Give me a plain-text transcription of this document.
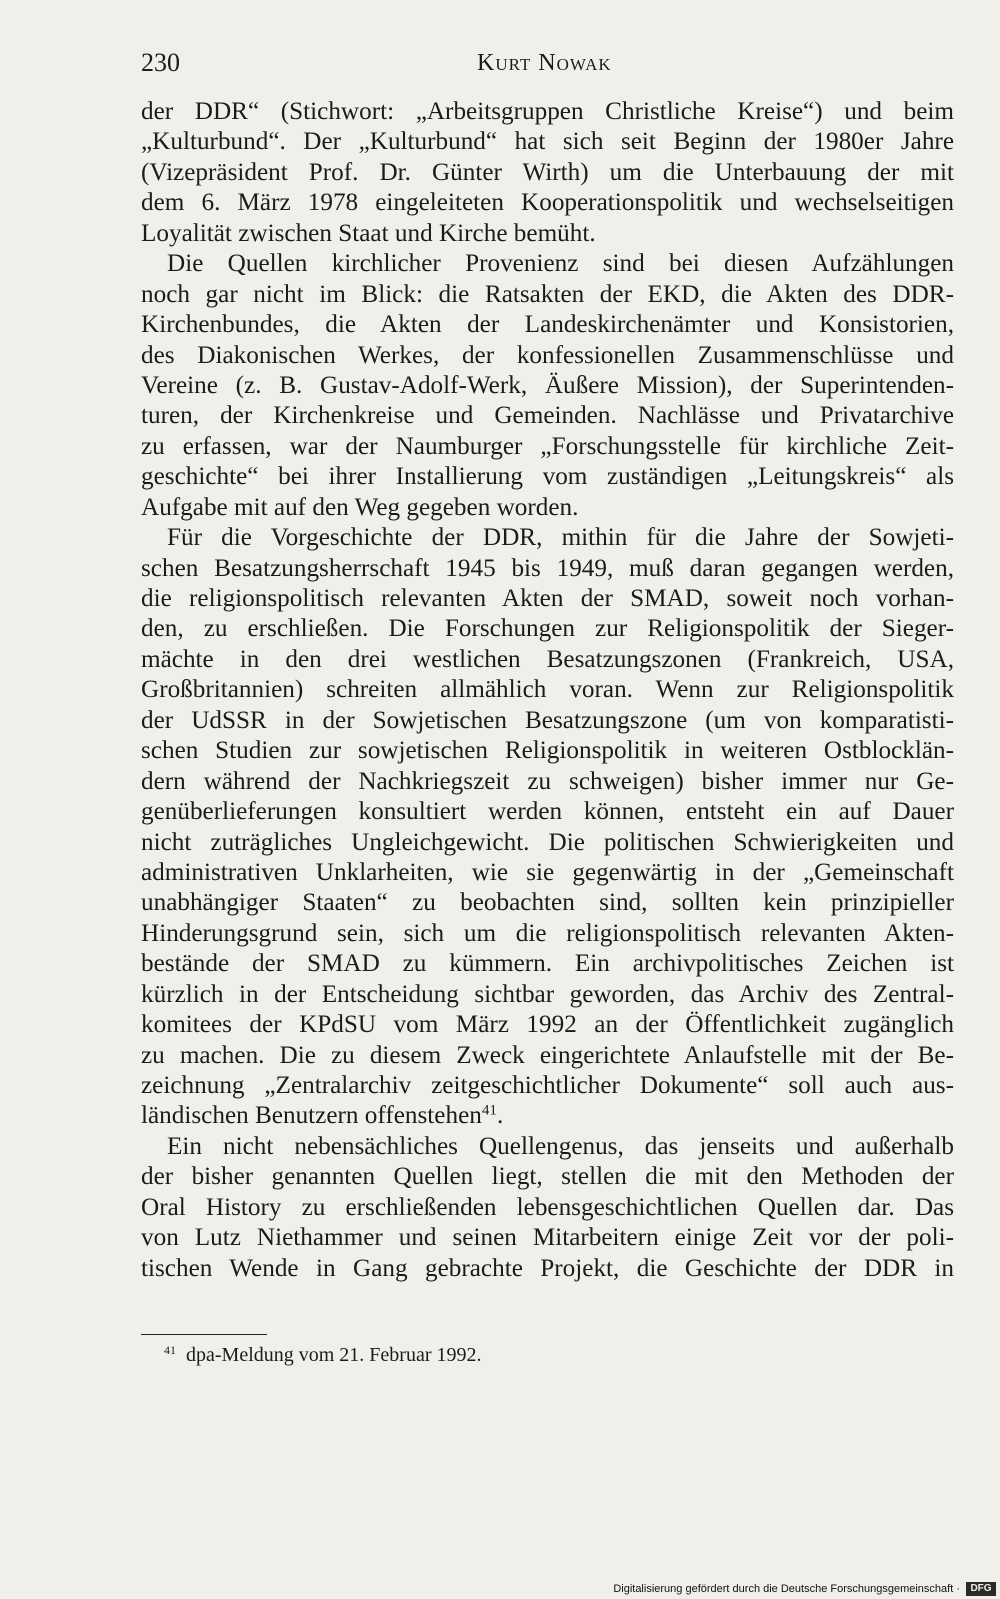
230	Kurt Nowak
der DDR“ (Stichwort: „Arbeitsgruppen Christliche Kreise“) und beim
„Kulturbund“. Der „Kulturbund“ hat sich seit Beginn der 1980er Jahre
(Vizepräsident Prof. Dr. Günter Wirth) um die Unterbauung der mit
dem 6. März 1978 eingeleiteten Kooperationspolitik und wechselseitigen
Loyalität zwischen Staat und Kirche bemüht.
Die Quellen kirchlicher Provenienz sind bei diesen Aufzählungen
noch gar nicht im Blick: die Ratsakten der EKD, die Akten des DDR-
Kirchenbundes, die Akten der Landeskirchenämter und Konsistorien,
des Diakonischen Werkes, der konfessionellen Zusammenschlüsse und
Vereine (z. B. Gustav-Adolf-Werk, Äußere Mission), der Superintenden-
turen, der Kirchenkreise und Gemeinden. Nachlässe und Privatarchive
zu erfassen, war der Naumburger „Forschungsstelle für kirchliche Zeit-
geschichte“ bei ihrer Installierung vom zuständigen „Leitungskreis“ als
Aufgabe mit auf den Weg gegeben worden.
Für die Vorgeschichte der DDR, mithin für die Jahre der Sowjeti-
schen Besatzungsherrschaft 1945 bis 1949, muß daran gegangen werden,
die religionspolitisch relevanten Akten der SMAD, soweit noch vorhan-
den, zu erschließen. Die Forschungen zur Religionspolitik der Sieger-
mächte in den drei westlichen Besatzungszonen (Frankreich, USA,
Großbritannien) schreiten allmählich voran. Wenn zur Religionspolitik
der UdSSR in der Sowjetischen Besatzungszone (um von komparatisti-
schen Studien zur sowjetischen Religionspolitik in weiteren Ostblocklän-
dern während der Nachkriegszeit zu schweigen) bisher immer nur Ge-
genüberlieferungen konsultiert werden können, entsteht ein auf Dauer
nicht zuträgliches Ungleichgewicht. Die politischen Schwierigkeiten und
administrativen Unklarheiten, wie sie gegenwärtig in der „Gemeinschaft
unabhängiger Staaten“ zu beobachten sind, sollten kein prinzipieller
Hinderungsgrund sein, sich um die religionspolitisch relevanten Akten-
bestände der SMAD zu kümmern. Ein archivpolitisches Zeichen ist
kürzlich in der Entscheidung sichtbar geworden, das Archiv des Zentral-
komitees der KPdSU vom März 1992 an der Öffentlichkeit zugänglich
zu machen. Die zu diesem Zweck eingerichtete Anlaufstelle mit der Be-
zeichnung „Zentralarchiv zeitgeschichtlicher Dokumente“ soll auch aus-
ländischen Benutzern offenstehen$^{41}$.
Ein nicht nebensächliches Quellengenus, das jenseits und außerhalb
der bisher genannten Quellen liegt, stellen die mit den Methoden der
Oral History zu erschließenden lebensgeschichtlichen Quellen dar. Das
von Lutz Niethammer und seinen Mitarbeitern einige Zeit vor der poli-
tischen Wende in Gang gebrachte Projekt, die Geschichte der DDR in
$^{41}$ dpa-Meldung vom 21. Februar 1992.
Digitalisierung gefördert durch die Deutsche Forschungsgemeinschaft ·	DFG
